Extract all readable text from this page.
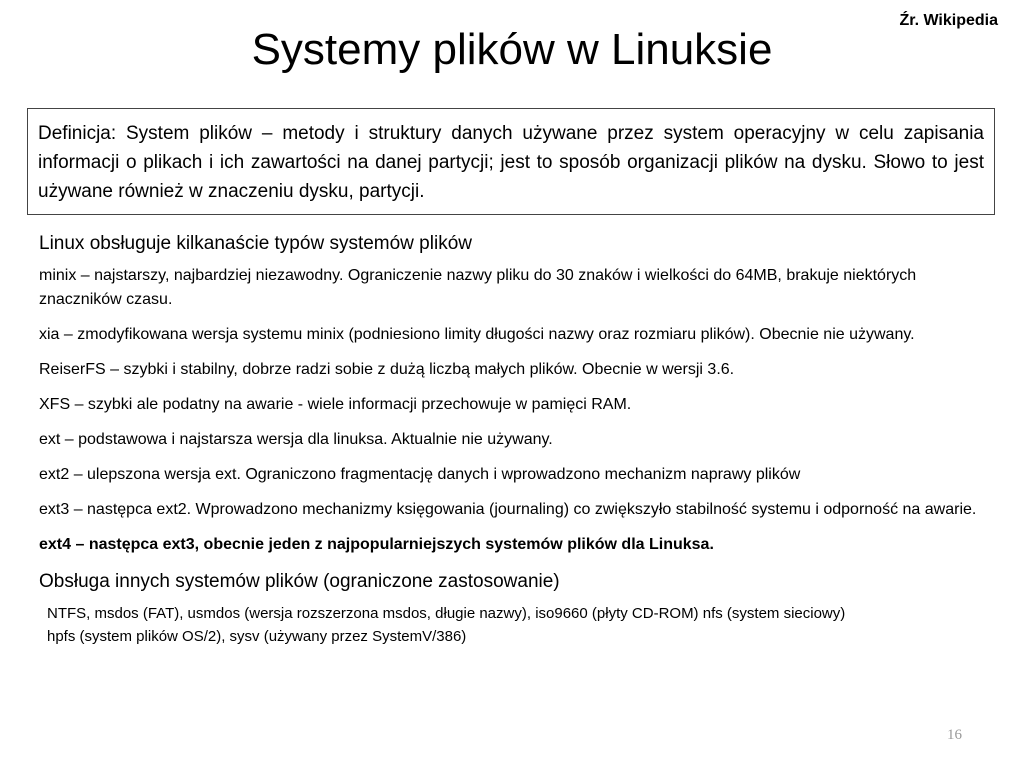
Źr. Wikipedia
Systemy plików w Linuksie
Definicja: System plików – metody i struktury danych używane przez system operacyjny w celu zapisania informacji o plikach i ich zawartości na danej partycji; jest to sposób organizacji plików na dysku. Słowo to jest używane również w znaczeniu dysku, partycji.

Linux obsługuje kilkanaście typów systemów plików

minix – najstarszy, najbardziej niezawodny. Ograniczenie nazwy pliku do 30 znaków i wielkości do 64MB, brakuje niektórych znaczników czasu.
xia – zmodyfikowana wersja systemu minix (podniesiono limity długości nazwy oraz rozmiaru plików). Obecnie nie używany.
ReiserFS – szybki i stabilny, dobrze radzi sobie z dużą liczbą małych plików. Obecnie w wersji 3.6.
XFS – szybki ale podatny na awarie - wiele informacji przechowuje w pamięci RAM.
ext – podstawowa i najstarsza wersja dla linuksa. Aktualnie nie używany.
ext2 – ulepszona wersja ext. Ograniczono fragmentację danych i wprowadzono mechanizm naprawy plików
ext3 – następca ext2. Wprowadzono mechanizmy księgowania (journaling) co zwiększyło stabilność systemu i odporność na awarie.
ext4 – następca ext3, obecnie jeden z najpopularniejszych systemów plików dla Linuksa.

Obsługa innych systemów plików (ograniczone zastosowanie)

NTFS, msdos (FAT), usmdos (wersja rozszerzona msdos, długie nazwy), iso9660 (płyty CD-ROM) nfs (system sieciowy)
hpfs (system plików OS/2), sysv (używany przez SystemV/386)
16
